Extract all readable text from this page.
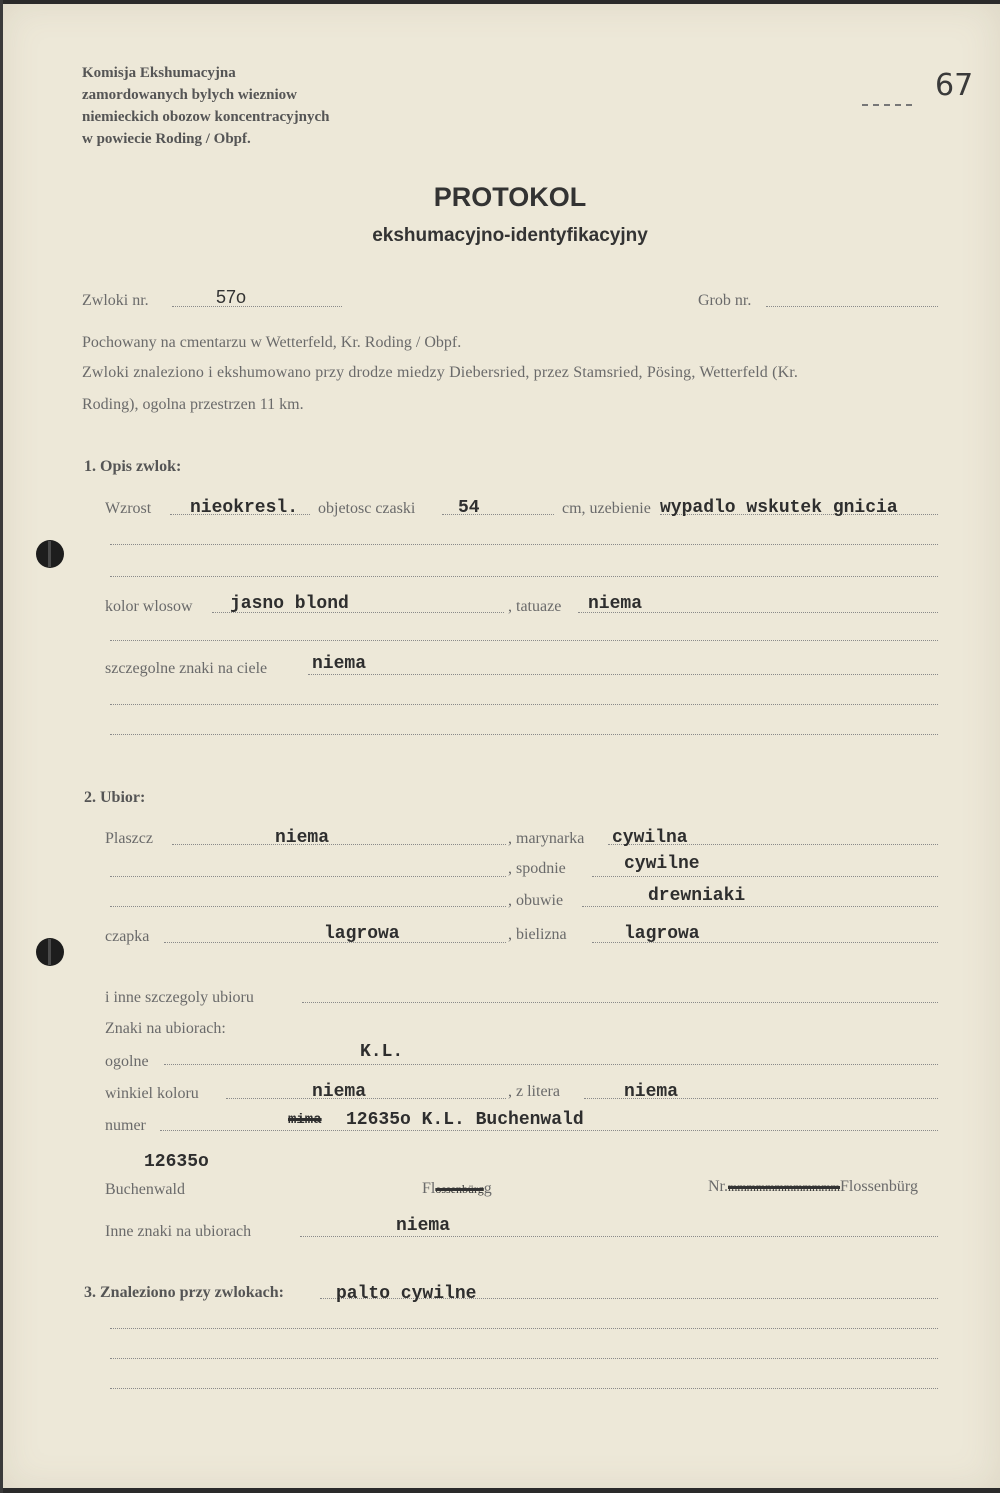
Komisja Ekshumacyjna
zamordowanych bylych wiezniow
niemieckich obozow koncentracyjnych
w powiecie Roding / Obpf.
67
PROTOKOL
ekshumacyjno-identyfikacyjny
Zwloki nr.	57o	Grob nr.
Pochowany na cmentarzu w Wetterfeld, Kr. Roding / Obpf.
Zwloki znaleziono i ekshumowano przy drodze miedzy Diebersried, przez Stamsried, Pösing, Wetterfeld (Kr.
Roding), ogolna przestrzen 11 km.
1. Opis zwlok:
Wzrost nieokresl. objetosc czaski 54	cm, uzebienie wypadlo wskutek gnicia
kolor wlosow jasno blond	, tatuaze niema
szczegolne znaki na ciele niema
2. Ubior:
Plaszcz	niema	, marynarka cywilna
, spodnie	cywilne
, obuwie	drewniaki
czapka	lagrowa	, bielizna	lagrowa
i inne szczegoly ubioru
Znaki na ubiorach:
ogolne	K.L.
winkiel koloru	niema	, z litera	niema
numer	mima 12635o K.L. Buchenwald
12635o
Buchenwald	Flossenbürgg	Nr.mmmmmmmmmmmmFlossenbürg
Inne znaki na ubiorach	niema
3. Znaleziono przy zwlokach:	palto cywilne
